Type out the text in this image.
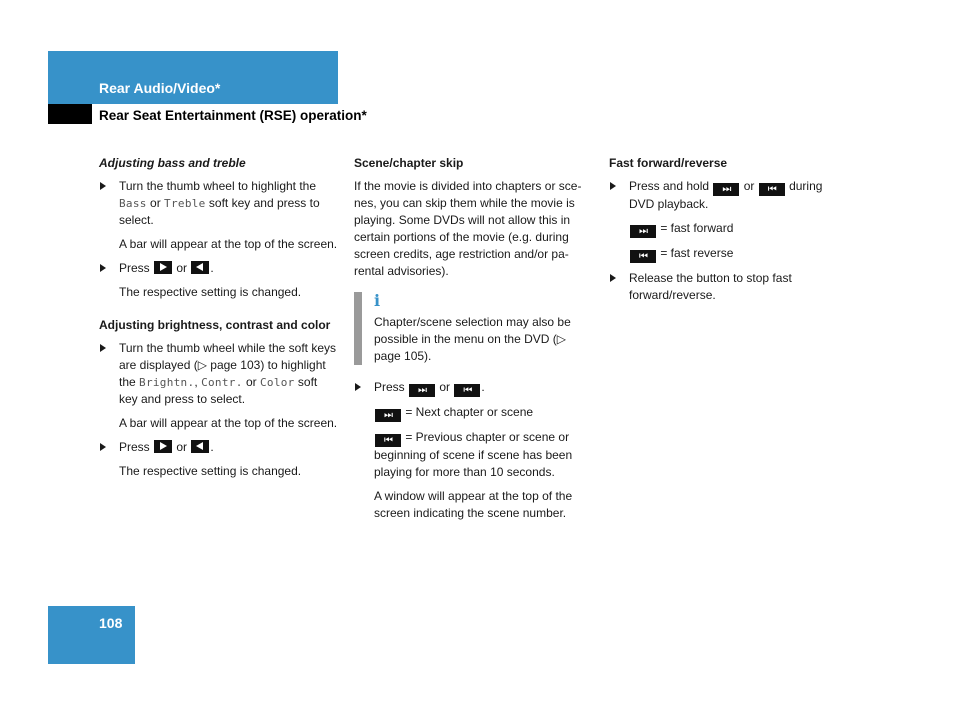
Rear Audio/Video*
Rear Seat Entertainment (RSE) operation*
Adjusting bass and treble
Turn the thumb wheel to highlight the Bass or Treble soft key and press to select.
A bar will appear at the top of the screen.
Press  or .
The respective setting is changed.
Adjusting brightness, contrast and color
Turn the thumb wheel while the soft keys are displayed (▷ page 103) to highlight the Brightn., Contr. or Color soft key and press to select.
A bar will appear at the top of the screen.
Press  or .
The respective setting is changed.
Scene/chapter skip
If the movie is divided into chapters or sce-nes, you can skip them while the movie is playing. Some DVDs will not allow this in certain portions of the movie (e.g. during screen credits, age restriction and/or pa-rental advisories).
i
Chapter/scene selection may also be possible in the menu on the DVD (▷ page 105).
Press ⏭ or ⏮ .
⏭ = Next chapter or scene
⏮ = Previous chapter or scene or beginning of scene if scene has been playing for more than 10 seconds.
A window will appear at the top of the screen indicating the scene number.
Fast forward/reverse
Press and hold ⏭ or ⏮ during DVD playback.
⏭ = fast forward
⏮ = fast reverse
Release the button to stop fast forward/reverse.
108
